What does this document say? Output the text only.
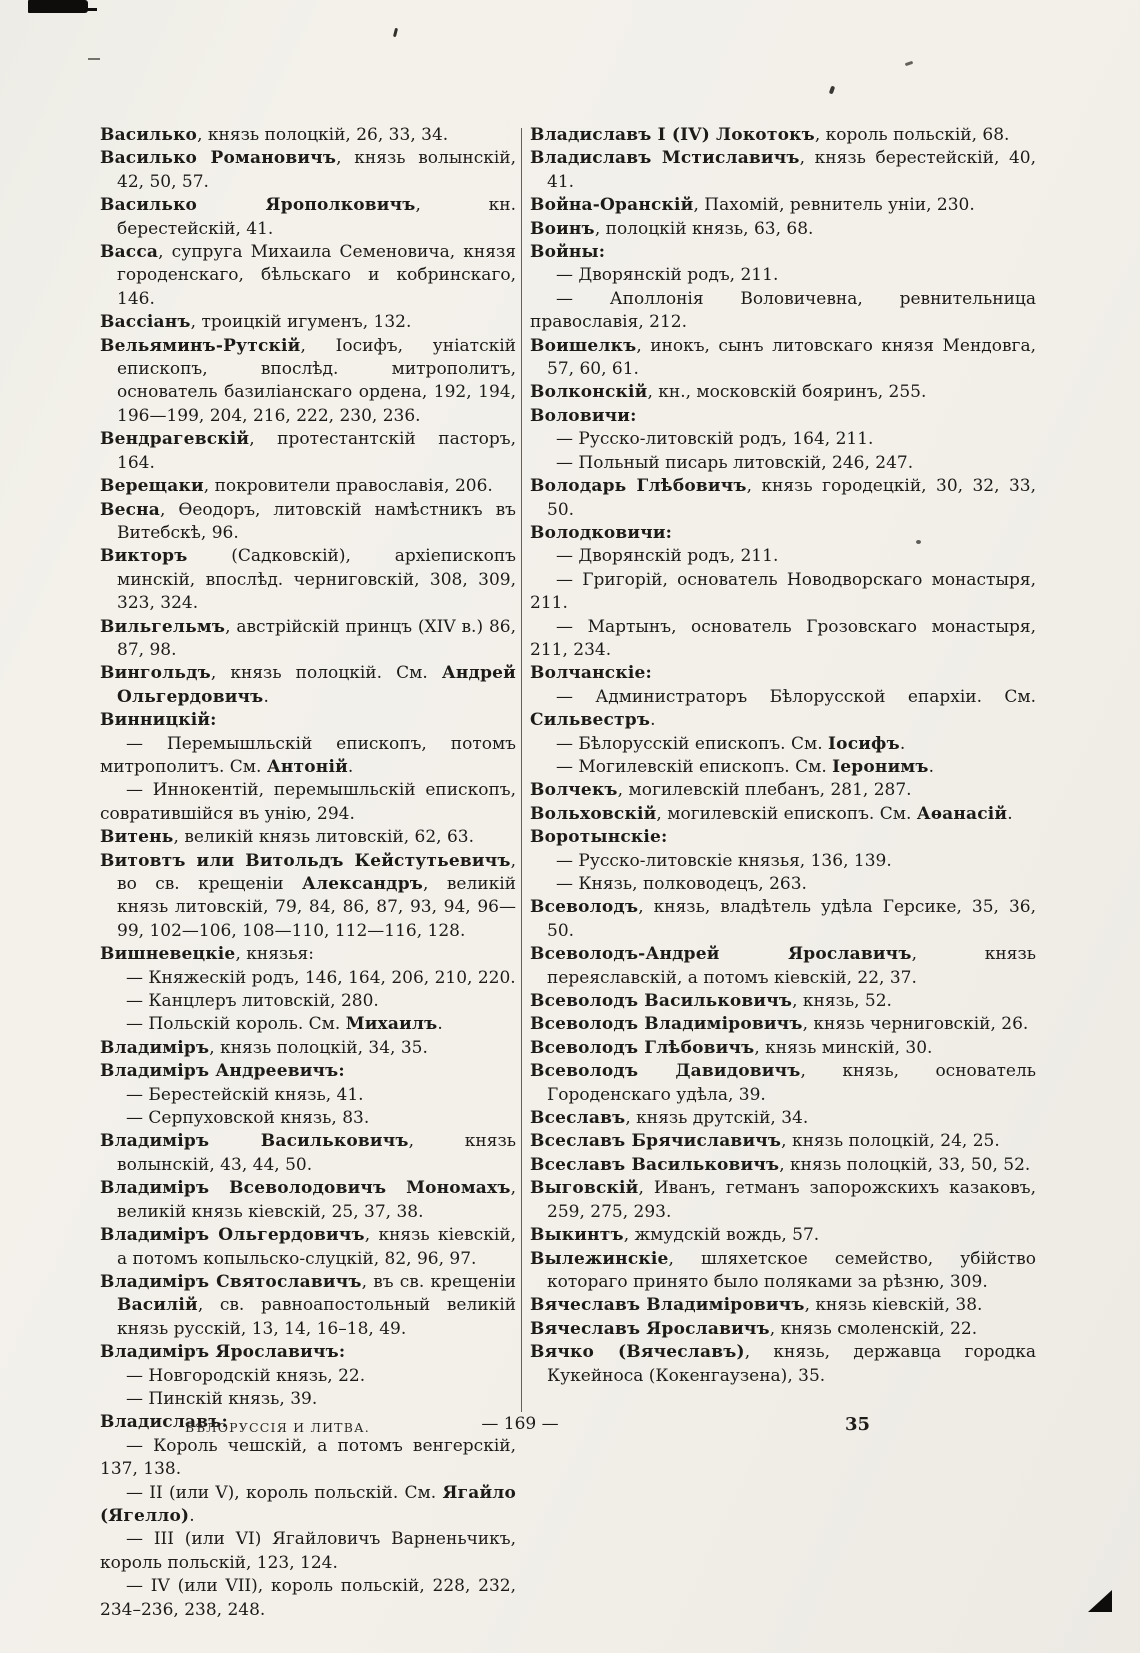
Василько, князь полоцкій, 26, 33, 34.

Василько Романовичъ, князь волынскій, 42, 50, 57.

Василько Ярополковичъ, кн. берестейскій, 41.

Васса, супруга Михаила Семеновича, князя городенскаго, бѣльскаго и кобринскаго, 146.

Вассіанъ, троицкій игуменъ, 132.

Вельяминъ-Рутскій, Іосифъ, уніатскій епископъ, впослѣд. митрополитъ, основатель базиліанскаго ордена, 192, 194, 196—199, 204, 216, 222, 230, 236.

Вендрагевскій, протестантскій пасторъ, 164.

Верещаки, покровители православія, 206.

Весна, Ѳеодоръ, литовскій намѣстникъ въ Витебскѣ, 96.

Викторъ (Садковскій), архіепископъ минскій, впослѣд. черниговскій, 308, 309, 323, 324.

Вильгельмъ, австрійскій принцъ (XIV в.) 86, 87, 98.

Вингольдъ, князь полоцкій. См. Андрей Ольгердовичъ.

Винницкій:

— Перемышльскій епископъ, потомъ митрополитъ. См. Антоній.

— Иннокентій, перемышльскій епископъ, совратившійся въ унію, 294.

Витень, великій князь литовскій, 62, 63.

Витовтъ или Витольдъ Кейстутьевичъ, во св. крещеніи Александръ, великій князь литовскій, 79, 84, 86, 87, 93, 94, 96—99, 102—106, 108—110, 112—116, 128.

Вишневецкіе, князья:

— Княжескій родъ, 146, 164, 206, 210, 220.

— Канцлеръ литовскій, 280.

— Польскій король. См. Михаилъ.

Владиміръ, князь полоцкій, 34, 35.

Владиміръ Андреевичъ:

— Берестейскій князь, 41.

— Серпуховской князь, 83.

Владиміръ Васильковичъ, князь волынскій, 43, 44, 50.

Владиміръ Всеволодовичъ Мономахъ, великій князь кіевскій, 25, 37, 38.

Владиміръ Ольгердовичъ, князь кіевскій, а потомъ копыльско-слуцкій, 82, 96, 97.

Владиміръ Святославичъ, въ св. крещеніи Василій, св. равноапостольный великій князь русскій, 13, 14, 16–18, 49.

Владиміръ Ярославичъ:

— Новгородскій князь, 22.

— Пинскій князь, 39.

Владиславъ:

— Король чешскій, а потомъ венгерскій, 137, 138.

— II (или V), король польскій. См. Ягайло (Ягелло).

— III (или VI) Ягайловичъ Варненьчикъ, король польскій, 123, 124.

— IV (или VII), король польскій, 228, 232, 234–236, 238, 248.

Владиславъ I (IV) Локотокъ, король польскій, 68.

Владиславъ Мстиславичъ, князь берестейскій, 40, 41.

Война-Оранскій, Пахомій, ревнитель уніи, 230.

Воинъ, полоцкій князь, 63, 68.

Войны:

— Дворянскій родъ, 211.

— Аполлонія Воловичевна, ревнительница православія, 212.

Воишелкъ, инокъ, сынъ литовскаго князя Мендовга, 57, 60, 61.

Волконскій, кн., московскій бояринъ, 255.

Воловичи:

— Русско-литовскій родъ, 164, 211.

— Польный писарь литовскій, 246, 247.

Володарь Глѣбовичъ, князь городецкій, 30, 32, 33, 50.

Володковичи:

— Дворянскій родъ, 211.

— Григорій, основатель Новодворскаго монастыря, 211.

— Мартынъ, основатель Грозовскаго монастыря, 211, 234.

Волчанскіе:

— Администраторъ Бѣлорусской епархіи. См. Сильвестръ.

— Бѣлорусскій епископъ. См. Іосифъ.

— Могилевскій епископъ. См. Іеронимъ.

Волчекъ, могилевскій плебанъ, 281, 287.

Вольховскій, могилевскій епископъ. См. Аѳанасій.

Воротынскіе:

— Русско-литовскіе князья, 136, 139.

— Князь, полководецъ, 263.

Всеволодъ, князь, владѣтель удѣла Герсике, 35, 36, 50.

Всеволодъ-Андрей Ярославичъ, князь переяславскій, а потомъ кіевскій, 22, 37.

Всеволодъ Васильковичъ, князь, 52.

Всеволодъ Владиміровичъ, князь черниговскій, 26.

Всеволодъ Глѣбовичъ, князь минскій, 30.

Всеволодъ Давидовичъ, князь, основатель Городенскаго удѣла, 39.

Всеславъ, князь друтскій, 34.

Всеславъ Брячиславичъ, князь полоцкій, 24, 25.

Всеславъ Васильковичъ, князь полоцкій, 33, 50, 52.

Выговскій, Иванъ, гетманъ запорожскихъ казаковъ, 259, 275, 293.

Выкинтъ, жмудскій вождь, 57.

Вылежинскіе, шляхетское семейство, убійство котораго принято было поляками за рѣзню, 309.

Вячеславъ Владиміровичъ, князь кіевскій, 38.

Вячеславъ Ярославичъ, князь смоленскій, 22.

Вячко (Вячеславъ), князь, державца городка Кукейноса (Кокенгаузена), 35.

БѢЛОРУССІЯ И ЛИТВА.	— 169 —	35
